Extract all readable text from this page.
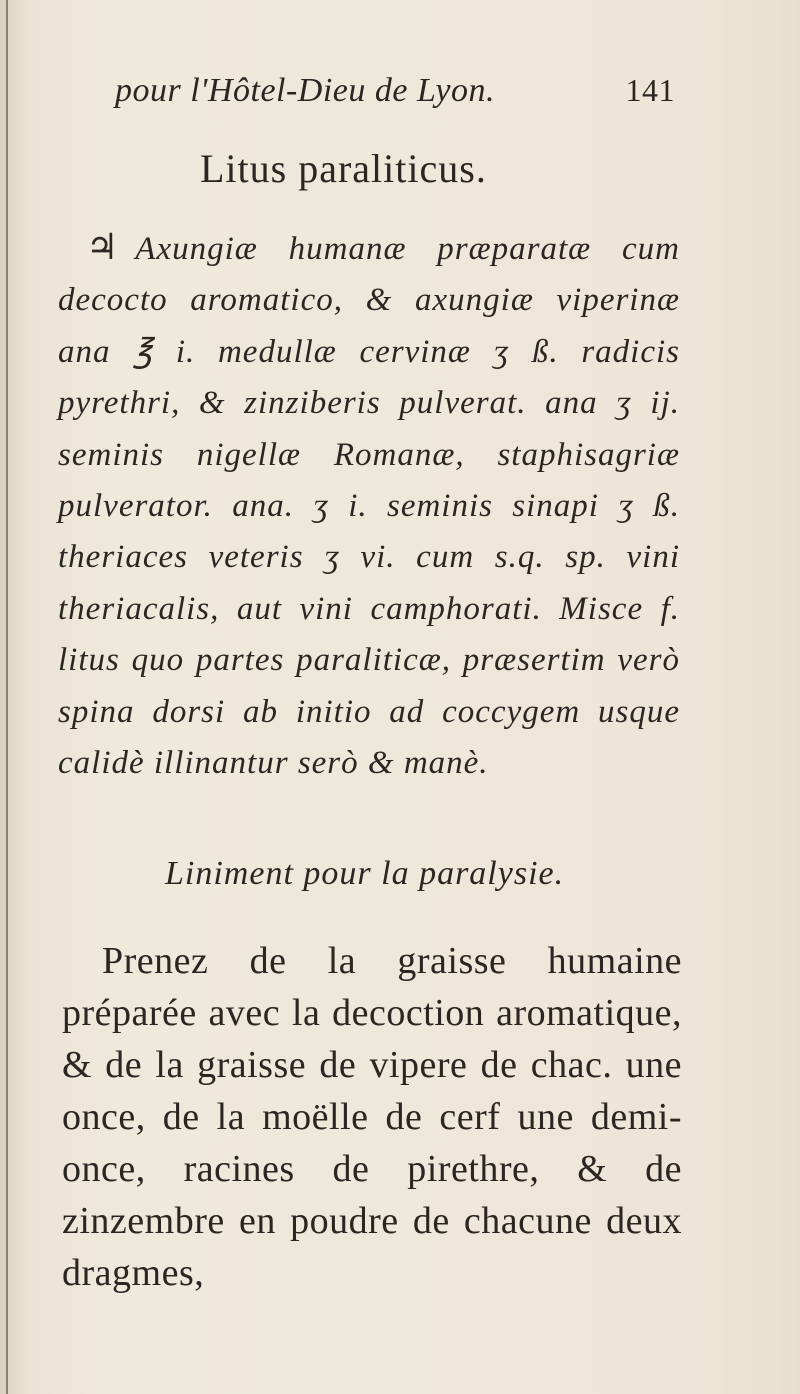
pour l'Hôtel-Dieu de Lyon.	141
Litus paraliticus.
♃ Axungiæ humanæ præparatæ cum decocto aromatico, & axungiæ viperinæ ana ℥ i. medullæ cervinæ ʒ ß. radicis pyrethri, & zinziberis pulverat. ana ʒ ij. seminis nigellæ Romanæ, staphisagriæ pulverator. ana. ʒ i. seminis sinapi ʒ ß. theriaces veteris ʒ vi. cum s.q. sp. vini theriacalis, aut vini camphorati. Misce f. litus quo partes paraliticæ, præsertim verò spina dorsi ab initio ad coccygem usque calidè illinantur serò & manè.
Liniment pour la paralysie.
Prenez de la graisse humaine préparée avec la decoction aromatique, & de la graisse de vipere de chac. une once, de la moëlle de cerf une demi-once, racines de pirethre, & de zinzembre en poudre de chacune deux dragmes,
